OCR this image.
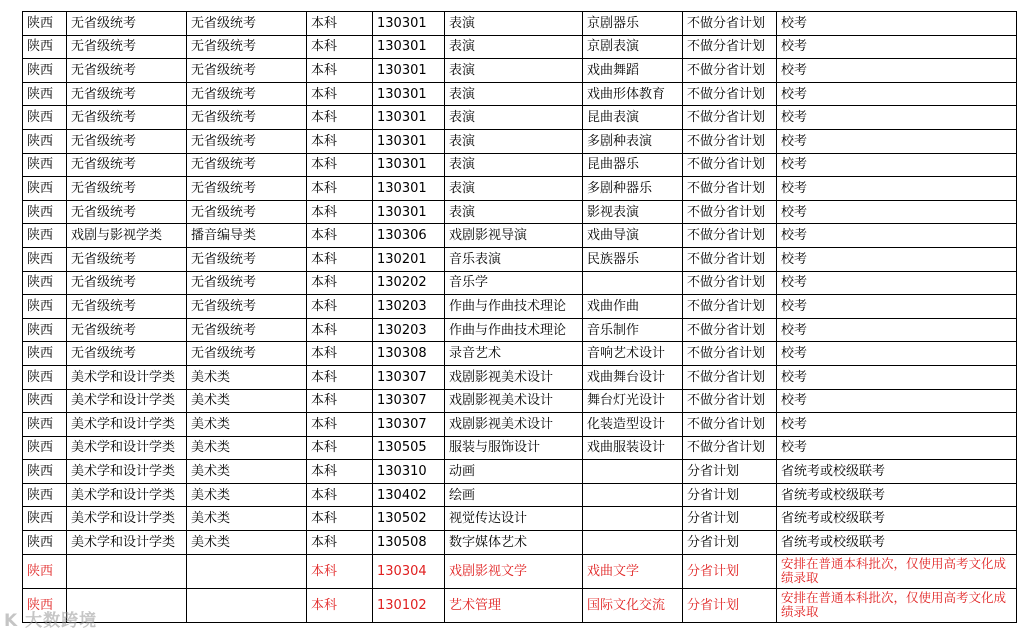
陕西	无省级统考	无省级统考	本科	130301	表演	京剧器乐	不做分省计划	校考
陕西	无省级统考	无省级统考	本科	130301	表演	京剧表演	不做分省计划	校考
陕西	无省级统考	无省级统考	本科	130301	表演	戏曲舞蹈	不做分省计划	校考
陕西	无省级统考	无省级统考	本科	130301	表演	戏曲形体教育	不做分省计划	校考
陕西	无省级统考	无省级统考	本科	130301	表演	昆曲表演	不做分省计划	校考
陕西	无省级统考	无省级统考	本科	130301	表演	多剧种表演	不做分省计划	校考
陕西	无省级统考	无省级统考	本科	130301	表演	昆曲器乐	不做分省计划	校考
陕西	无省级统考	无省级统考	本科	130301	表演	多剧种器乐	不做分省计划	校考
陕西	无省级统考	无省级统考	本科	130301	表演	影视表演	不做分省计划	校考
陕西	戏剧与影视学类	播音编导类	本科	130306	戏剧影视导演	戏曲导演	不做分省计划	校考
陕西	无省级统考	无省级统考	本科	130201	音乐表演	民族器乐	不做分省计划	校考
陕西	无省级统考	无省级统考	本科	130202	音乐学		不做分省计划	校考
陕西	无省级统考	无省级统考	本科	130203	作曲与作曲技术理论	戏曲作曲	不做分省计划	校考
陕西	无省级统考	无省级统考	本科	130203	作曲与作曲技术理论	音乐制作	不做分省计划	校考
陕西	无省级统考	无省级统考	本科	130308	录音艺术	音响艺术设计	不做分省计划	校考
陕西	美术学和设计学类	美术类	本科	130307	戏剧影视美术设计	戏曲舞台设计	不做分省计划	校考
陕西	美术学和设计学类	美术类	本科	130307	戏剧影视美术设计	舞台灯光设计	不做分省计划	校考
陕西	美术学和设计学类	美术类	本科	130307	戏剧影视美术设计	化装造型设计	不做分省计划	校考
陕西	美术学和设计学类	美术类	本科	130505	服装与服饰设计	戏曲服装设计	不做分省计划	校考
陕西	美术学和设计学类	美术类	本科	130310	动画		分省计划	省统考或校级联考
陕西	美术学和设计学类	美术类	本科	130402	绘画		分省计划	省统考或校级联考
陕西	美术学和设计学类	美术类	本科	130502	视觉传达设计		分省计划	省统考或校级联考
陕西	美术学和设计学类	美术类	本科	130508	数字媒体艺术		分省计划	省统考或校级联考
陕西			本科	130304	戏剧影视文学	戏曲文学	分省计划	安排在普通本科批次，仅使用高考文化成绩录取
陕西			本科	130102	艺术管理	国际文化交流	分省计划	安排在普通本科批次，仅使用高考文化成绩录取
K 大数跨境
